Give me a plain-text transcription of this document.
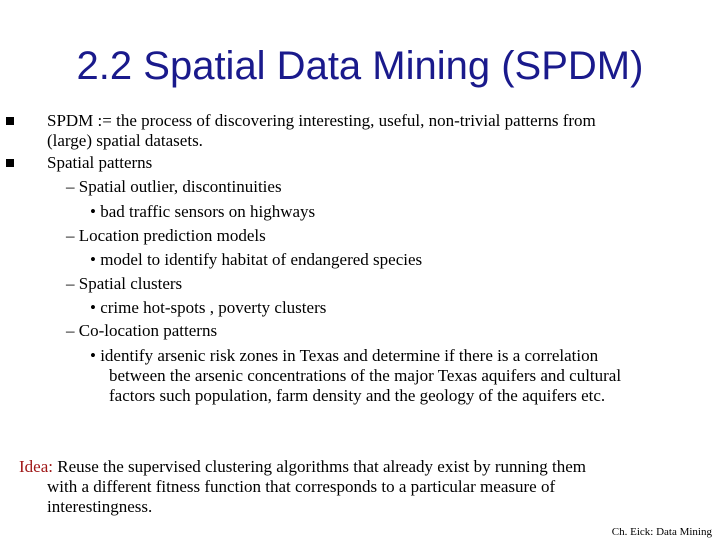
2.2 Spatial Data Mining (SPDM)
SPDM := the process of discovering interesting, useful, non-trivial patterns from
(large) spatial datasets.
Spatial patterns
– Spatial outlier, discontinuities
• bad traffic sensors on highways
– Location prediction models
• model to identify habitat of endangered species
– Spatial clusters
• crime hot-spots , poverty clusters
– Co-location patterns
• identify arsenic risk zones in Texas and determine if there is a correlation
between the arsenic concentrations of the major Texas aquifers and cultural
factors such population, farm density and the geology of the aquifers etc.
Idea: Reuse the supervised clustering algorithms that already exist by running them
with a different fitness function that corresponds to a particular measure of
interestingness.
Ch. Eick: Data Mining
